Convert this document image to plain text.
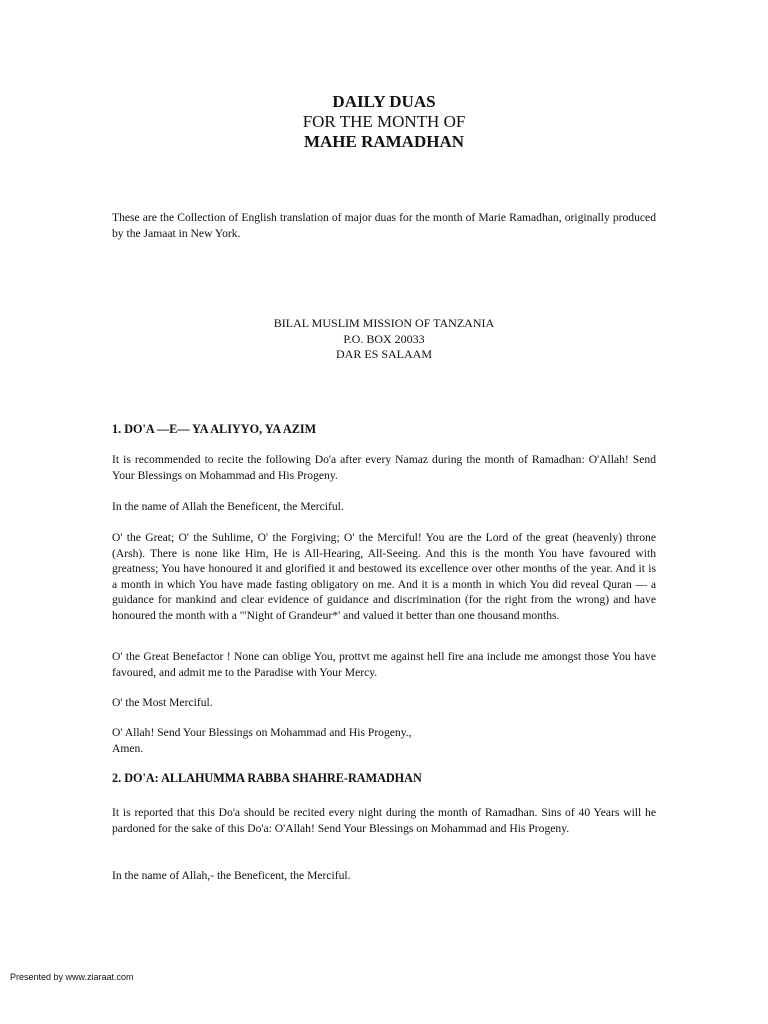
DAILY DUAS
FOR THE MONTH OF
MAHE RAMADHAN

These are the Collection of English translation of major duas for the month of Marie Ramadhan, originally produced by the Jamaat in New York.

BILAL MUSLIM MISSION OF TANZANIA
P.O. BOX 20033
DAR ES SALAAM
1. DO'A —E— YA ALIYYO, YA AZIM

It is recommended to recite the following Do'a after every Namaz during the month of Ramadhan: O'Allah! Send Your Blessings on Mohammad and His Progeny.

In the name of Allah the Beneficent, the Merciful.

O' the Great; O' the Suhlime, O' the Forgiving; O' the Merciful! You are the Lord of the great (heavenly) throne (Arsh). There is none like Him, He is All-Hearing, All-Seeing. And this is the month You have favoured with greatness; You have honoured it and glorified it and bestowed its excellence over other months of the year. And it is a month in which You have made fasting obligatory on me. And it is a month in which You did reveal Quran — a guidance for mankind and clear evidence of guidance and discrimination (for the right from the wrong) and have honoured the month with a '"Night of Grandeur*' and valued it better than one thousand months.

O' the Great Benefactor ! None can oblige You, prottvt me against hell fire ana include me amongst those You have favoured, and admit me to the Paradise with Your Mercy.

O' the Most Merciful.

O' Allah! Send Your Blessings on Mohammad and His Progeny.,
Amen.

2. DO'A: ALLAHUMMA RABBA SHAHRE-RAMADHAN

It is reported that this Do'a should be recited every night during the month of Ramadhan. Sins of 40 Years will he pardoned for the sake of this Do'a: O'Allah! Send Your Blessings on Mohammad and His Progeny.

In the name of Allah,- the Beneficent, the Merciful.

Presented by www.ziaraat.com
